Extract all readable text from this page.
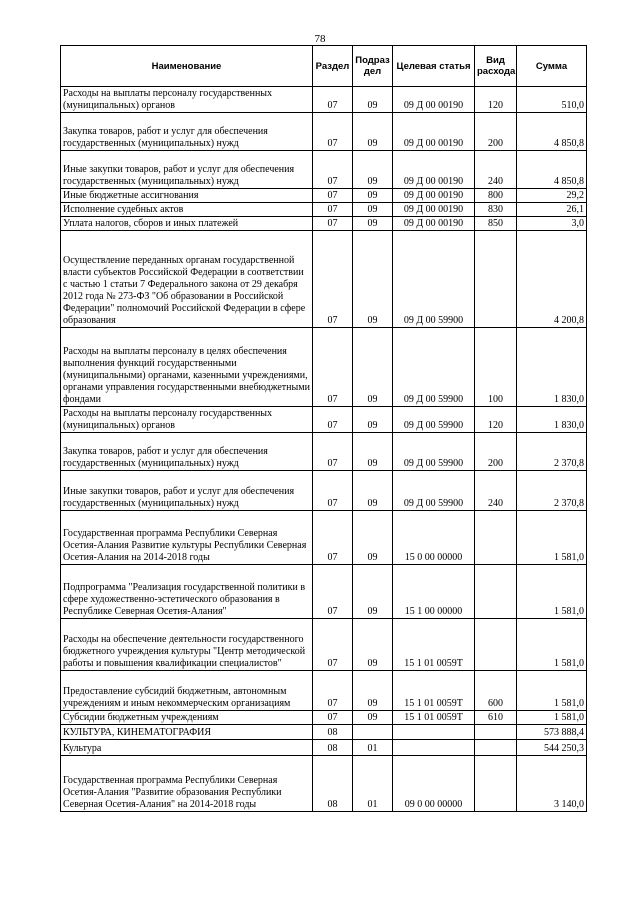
78
Наименование	Раздел	Подраз дел	Целевая статья	Вид расхода	Сумма
Расходы на выплаты персоналу государственных (муниципальных) органов	07	09	09 Д 00 00190	120	510,0
Закупка товаров, работ и услуг для обеспечения государственных (муниципальных) нужд	07	09	09 Д 00 00190	200	4 850,8
Иные закупки товаров, работ и услуг для обеспечения государственных (муниципальных) нужд	07	09	09 Д 00 00190	240	4 850,8
Иные бюджетные ассигнования	07	09	09 Д 00 00190	800	29,2
Исполнение судебных актов	07	09	09 Д 00 00190	830	26,1
Уплата налогов, сборов и иных платежей	07	09	09 Д 00 00190	850	3,0
Осуществление переданных органам государственной власти субъектов Российской Федерации в соответствии с частью 1 статьи 7 Федерального закона от 29 декабря 2012 года № 273-ФЗ "Об образовании в Российской Федерации" полномочий Российской Федерации в сфере образования	07	09	09 Д 00 59900		4 200,8
Расходы на выплаты персоналу в целях обеспечения выполнения функций государственными (муниципальными) органами, казенными учреждениями, органами управления государственными внебюджетными фондами	07	09	09 Д 00 59900	100	1 830,0
Расходы на выплаты персоналу государственных (муниципальных) органов	07	09	09 Д 00 59900	120	1 830,0
Закупка товаров, работ и услуг для обеспечения государственных (муниципальных) нужд	07	09	09 Д 00 59900	200	2 370,8
Иные закупки товаров, работ и услуг для обеспечения государственных (муниципальных) нужд	07	09	09 Д 00 59900	240	2 370,8
Государственная программа Республики Северная Осетия-Алания Развитие культуры Республики Северная Осетия-Алания на 2014-2018 годы	07	09	15 0 00 00000		1 581,0
Подпрограмма "Реализация государственной политики в сфере художественно-эстетического образования в Республике Северная Осетия-Алания"	07	09	15 1 00 00000		1 581,0
Расходы на обеспечение деятельности государственного бюджетного учреждения культуры "Центр методической работы и повышения квалификации специалистов"	07	09	15 1 01 0059Т		1 581,0
Предоставление субсидий бюджетным, автономным учреждениям и иным некоммерческим организациям	07	09	15 1 01 0059Т	600	1 581,0
Субсидии бюджетным учреждениям	07	09	15 1 01 0059Т	610	1 581,0
КУЛЬТУРА, КИНЕМАТОГРАФИЯ	08				573 888,4
Культура	08	01			544 250,3
Государственная программа Республики Северная Осетия-Алания "Развитие образования Республики Северная Осетия-Алания" на 2014-2018 годы	08	01	09 0 00 00000		3 140,0
